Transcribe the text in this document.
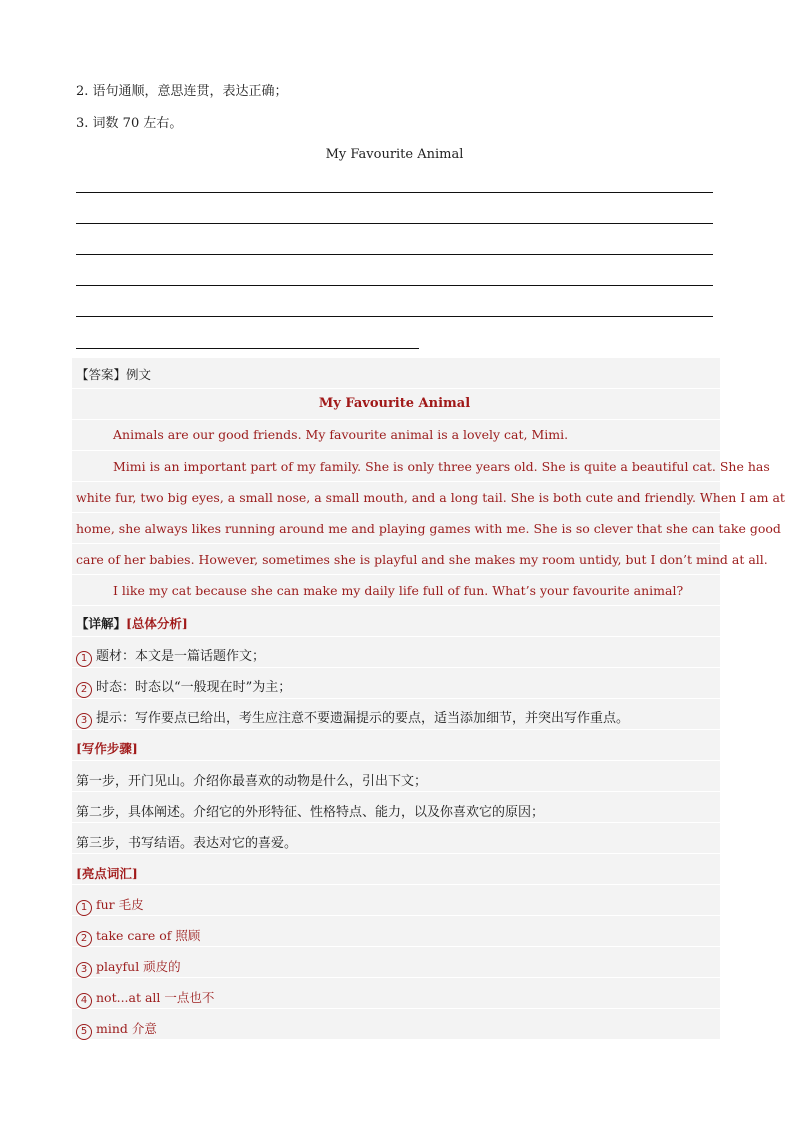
2. 语句通顺，意思连贯，表达正确；
3. 词数 70 左右。
My Favourite Animal
【答案】例文
My Favourite Animal
Animals are our good friends. My favourite animal is a lovely cat, Mimi.
Mimi is an important part of my family. She is only three years old. She is quite a beautiful cat. She has
white fur, two big eyes, a small nose, a small mouth, and a long tail. She is both cute and friendly. When I am at
home, she always likes running around me and playing games with me. She is so clever that she can take good
care of her babies. However, sometimes she is playful and she makes my room untidy, but I don’t mind at all.
I like my cat because she can make my daily life full of fun. What’s your favourite animal?
【详解】[总体分析]
1 题材：本文是一篇话题作文；
2 时态：时态以“一般现在时”为主；
3 提示：写作要点已给出，考生应注意不要遗漏提示的要点，适当添加细节，并突出写作重点。
[写作步骤]
第一步，开门见山。介绍你最喜欢的动物是什么，引出下文；
第二步，具体阐述。介绍它的外形特征、性格特点、能力，以及你喜欢它的原因；
第三步，书写结语。表达对它的喜爱。
[亮点词汇]
1 fur 毛皮
2 take care of 照顾
3 playful 顽皮的
4 not...at all 一点也不
5 mind 介意
